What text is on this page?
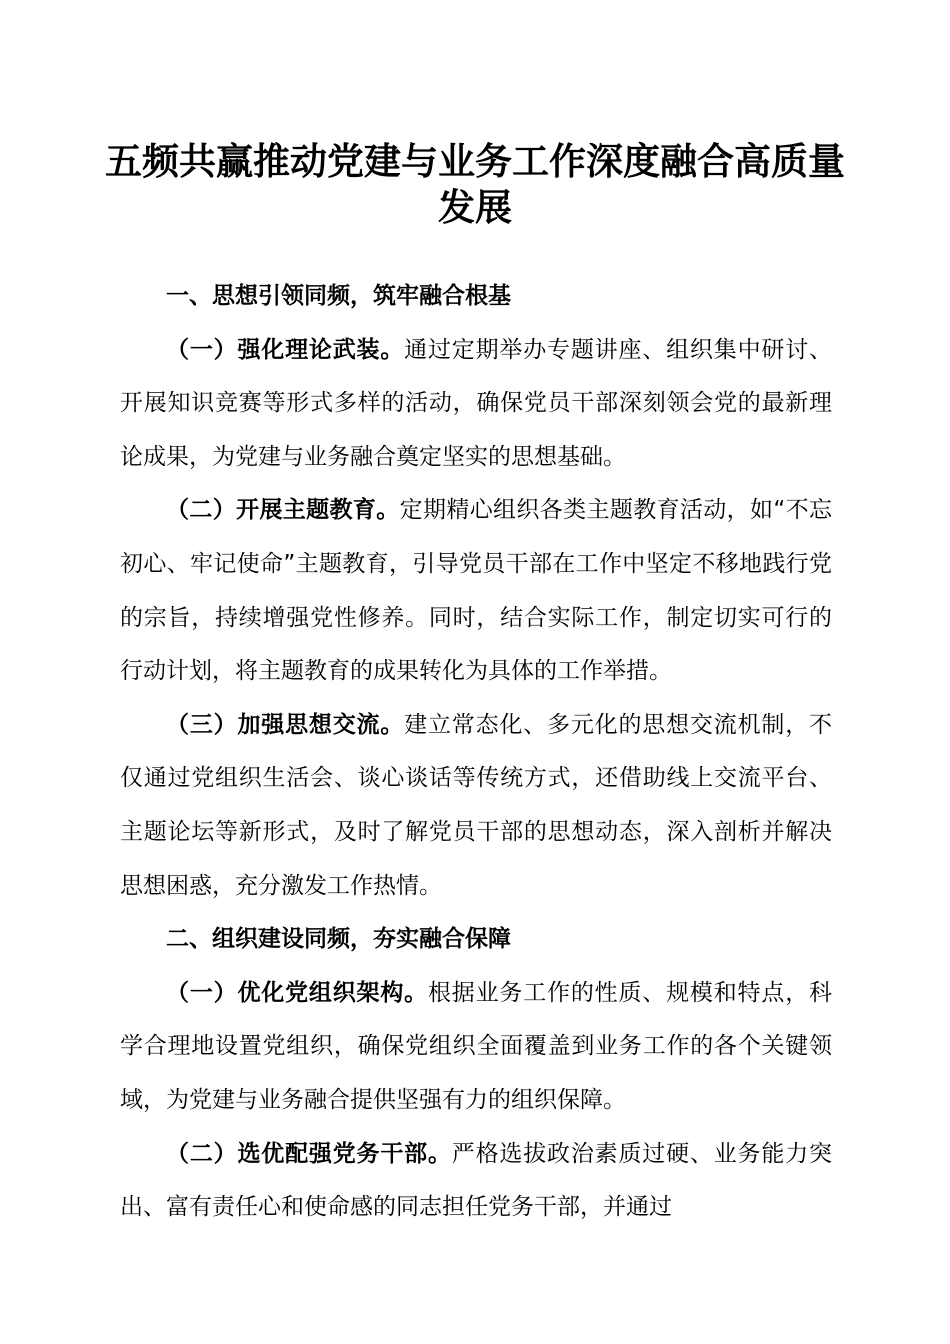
五频共赢推动党建与业务工作深度融合高质量
发展

一、思想引领同频，筑牢融合根基

（一）强化理论武装。通过定期举办专题讲座、组织集中研讨、开展知识竞赛等形式多样的活动，确保党员干部深刻领会党的最新理论成果，为党建与业务融合奠定坚实的思想基础。

（二）开展主题教育。定期精心组织各类主题教育活动，如“不忘初心、牢记使命”主题教育，引导党员干部在工作中坚定不移地践行党的宗旨，持续增强党性修养。同时，结合实际工作，制定切实可行的行动计划，将主题教育的成果转化为具体的工作举措。

（三）加强思想交流。建立常态化、多元化的思想交流机制，不仅通过党组织生活会、谈心谈话等传统方式，还借助线上交流平台、主题论坛等新形式，及时了解党员干部的思想动态，深入剖析并解决思想困惑，充分激发工作热情。

二、组织建设同频，夯实融合保障

（一）优化党组织架构。根据业务工作的性质、规模和特点，科学合理地设置党组织，确保党组织全面覆盖到业务工作的各个关键领域，为党建与业务融合提供坚强有力的组织保障。

（二）选优配强党务干部。严格选拔政治素质过硬、业务能力突出、富有责任心和使命感的同志担任党务干部，并通过
